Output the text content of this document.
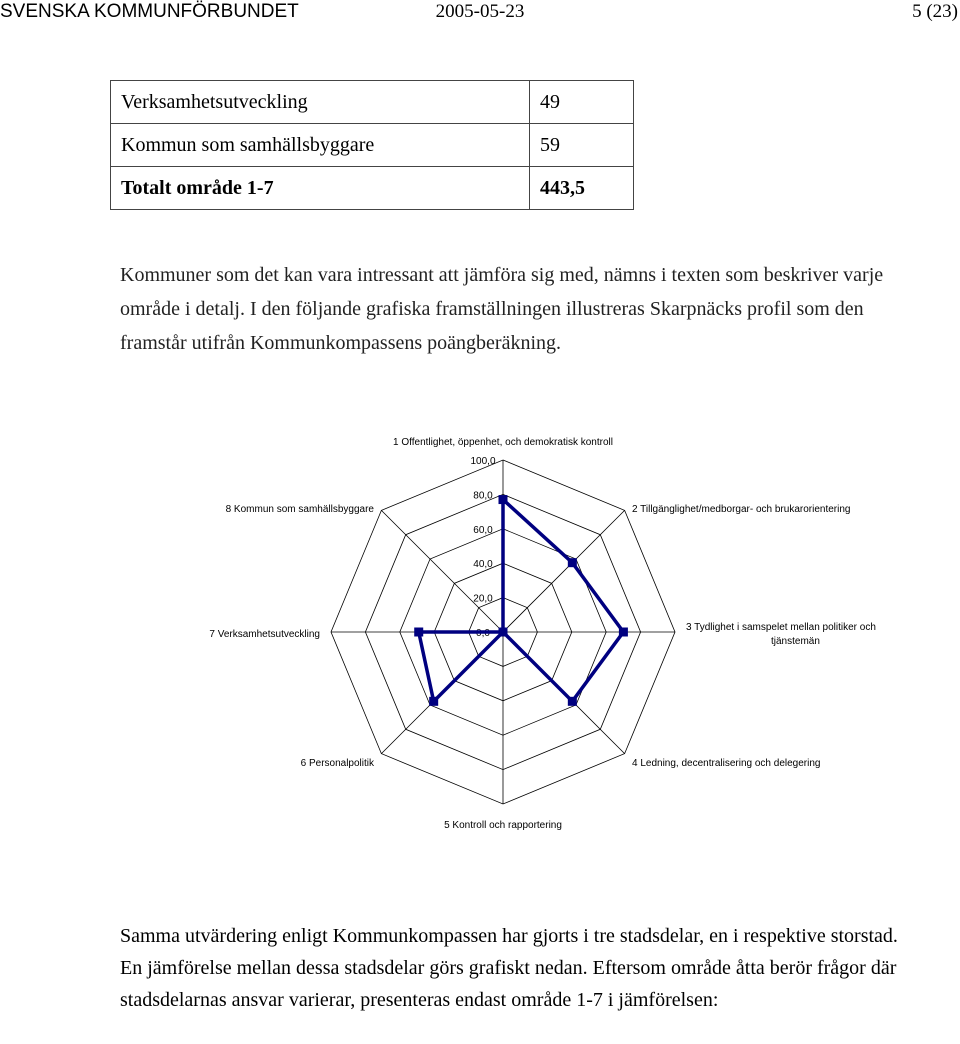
SVENSKA KOMMUNFÖRBUNDET	2005-05-23	5 (23)
Verksamhetsutveckling	49
Kommun som samhällsbyggare	59
Totalt område 1-7	443,5
Kommuner som det kan vara intressant att jämföra sig med, nämns i texten som beskriver varje område i detalj. I den följande grafiska framställningen illustreras Skarpnäcks profil som den framstår utifrån Kommunkompassens poängberäkning.
0,0
20,0
40,0
60,0
80,0
100,0
1 Offentlighet, öppenhet, och demokratisk kontroll
2 Tillgänglighet/medborgar- och brukarorientering
3 Tydlighet i samspelet mellan politiker och tjänstemän
4 Ledning, decentralisering och delegering
5 Kontroll och rapportering
6 Personalpolitik
7 Verksamhetsutveckling
8 Kommun som samhällsbyggare
Samma utvärdering enligt Kommunkompassen har gjorts i tre stadsdelar, en i respektive storstad. En jämförelse mellan dessa stadsdelar görs grafiskt nedan. Eftersom område åtta berör frågor där stadsdelarnas ansvar varierar, presenteras endast område 1-7 i jämförelsen:
